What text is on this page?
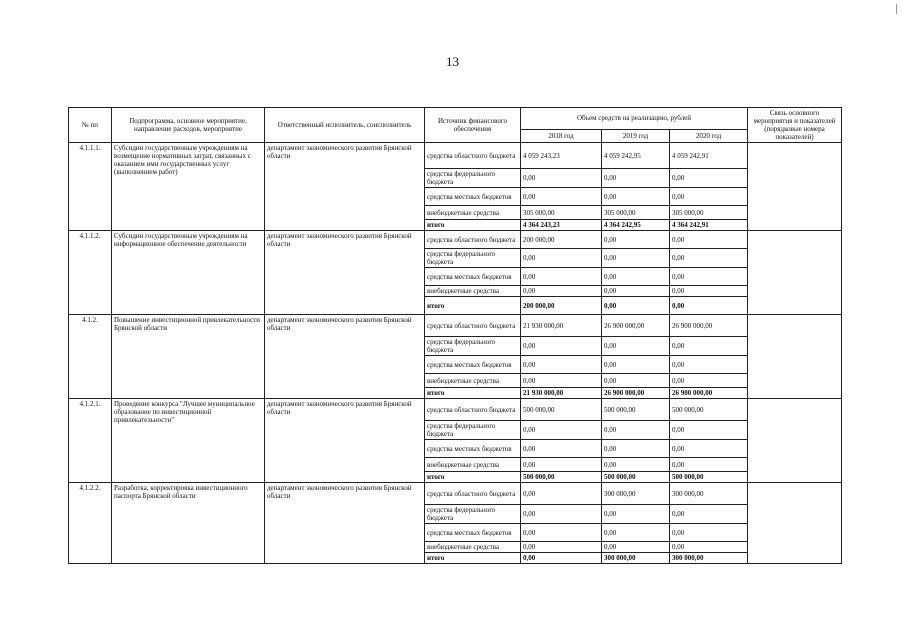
13
№ пп	Подпрограмма, основное мероприятие, направление расходов, мероприятие	Ответственный исполнитель, соисполнитель	Источник финансового обеспечения	Объем средств на реализацию, рублей			Связь основного мероприятия и показателей (порядковые номера показателей)
				2018 год	2019 год	2020 год	
4.1.1.1.	Субсидии государственным учреждениям на возмещение нормативных затрат, связанных с оказанием ими государственных услуг (выполнением работ)	департамент экономического развития Брянской области	средства областного бюджета	4 059 243,23	4 059 242,95	4 059 242,91	
			средства федерального бюджета	0,00	0,00	0,00	
			средства местных бюджетов	0,00	0,00	0,00	
			внебюджетные средства	305 000,00	305 000,00	305 000,00	
			итого	4 364 243,23	4 364 242,95	4 364 242,91	
4.1.1.2.	Субсидии государственным учреждениям на информационное обеспечение деятельности	департамент экономического развития Брянской области	средства областного бюджета	200 000,00	0,00	0,00	
			средства федерального бюджета	0,00	0,00	0,00	
			средства местных бюджетов	0,00	0,00	0,00	
			внебюджетные средства	0,00	0,00	0,00	
			итого	200 000,00	0,00	0,00	
4.1.2.	Повышение инвестиционной привлекательности Брянской области	департамент экономического развития Брянской области	средства областного бюджета	21 930 000,00	26 900 000,00	26 900 000,00	
			средства федерального бюджета	0,00	0,00	0,00	
			средства местных бюджетов	0,00	0,00	0,00	
			внебюджетные средства	0,00	0,00	0,00	
			итого	21 930 000,00	26 900 000,00	26 900 000,00	
4.1.2.1.	Проведение конкурса "Лучшее муниципальное образование по инвестиционной привлекательности"	департамент экономического развития Брянской области	средства областного бюджета	500 000,00	500 000,00	500 000,00	
			средства федерального бюджета	0,00	0,00	0,00	
			средства местных бюджетов	0,00	0,00	0,00	
			внебюджетные средства	0,00	0,00	0,00	
			итого	500 000,00	500 000,00	500 000,00	
4.1.2.2.	Разработка, корректировка инвестиционного паспорта Брянской области	департамент экономического развития Брянской области	средства областного бюджета	0,00	300 000,00	300 000,00	
			средства федерального бюджета	0,00	0,00	0,00	
			средства местных бюджетов	0,00	0,00	0,00	
			внебюджетные средства	0,00	0,00	0,00	
			итого	0,00	300 000,00	300 000,00	
